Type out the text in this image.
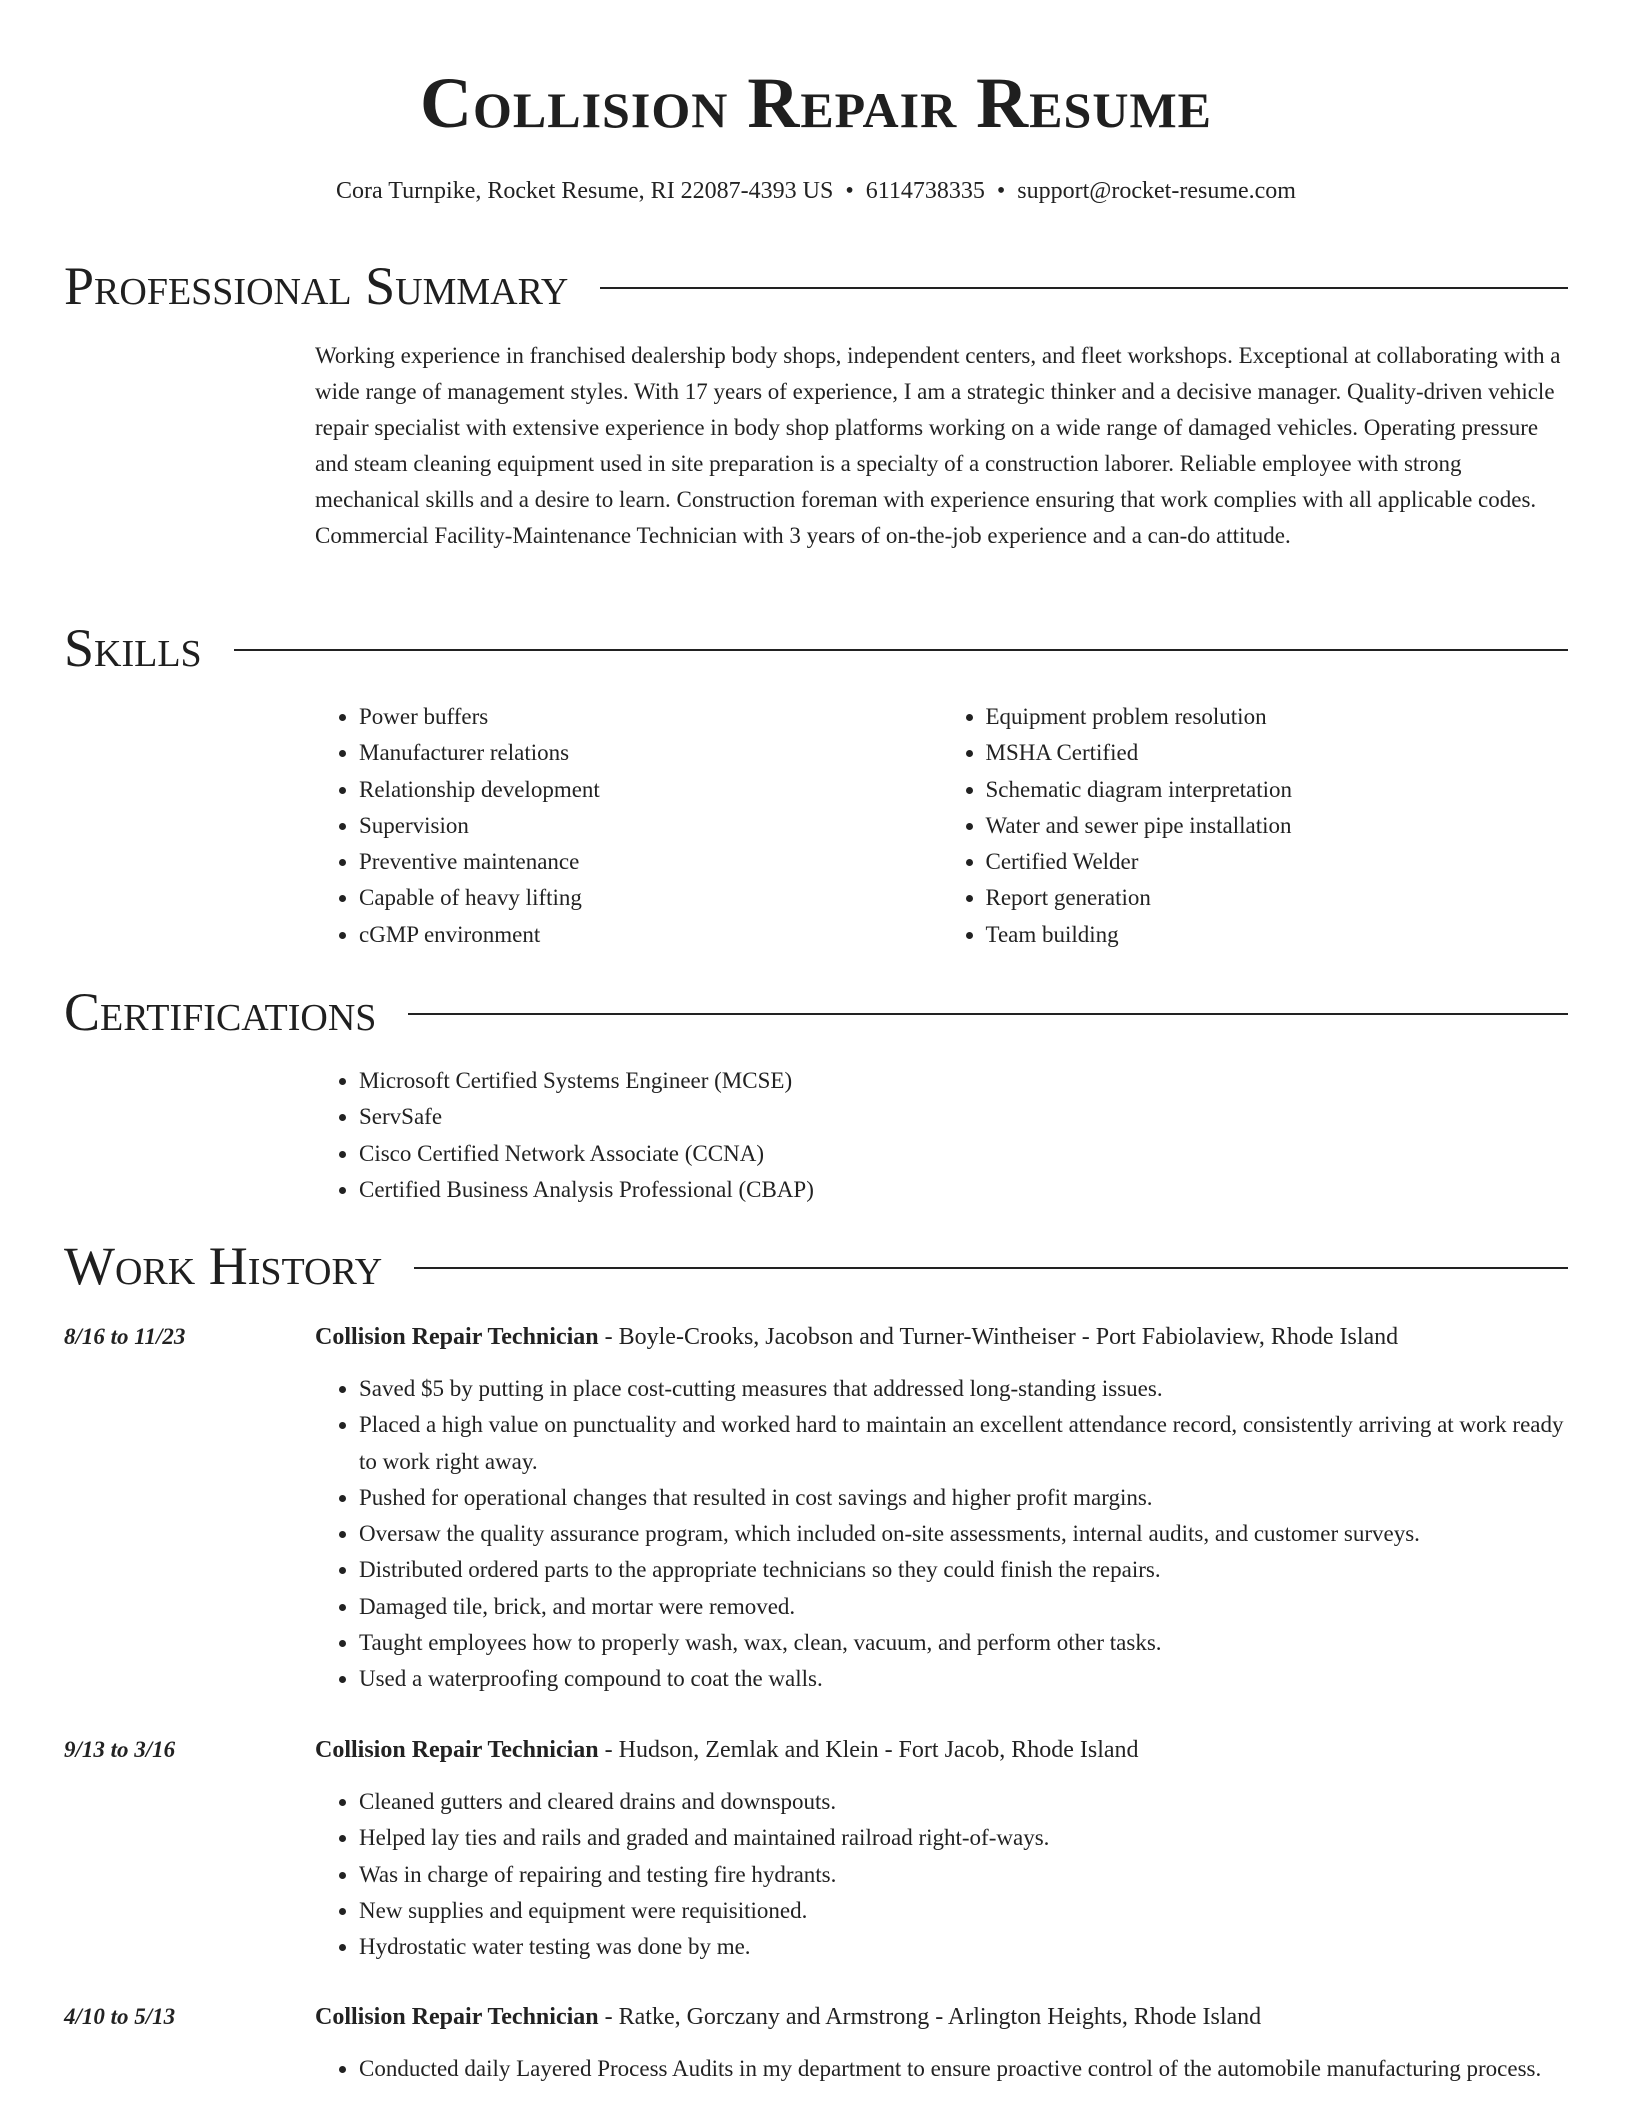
Collision Repair Resume
Cora Turnpike, Rocket Resume, RI 22087-4393 US • 6114738335 • support@rocket-resume.com
Professional Summary

Working experience in franchised dealership body shops, independent centers, and fleet workshops. Exceptional at collaborating with a wide range of management styles. With 17 years of experience, I am a strategic thinker and a decisive manager. Quality-driven vehicle repair specialist with extensive experience in body shop platforms working on a wide range of damaged vehicles. Operating pressure and steam cleaning equipment used in site preparation is a specialty of a construction laborer. Reliable employee with strong mechanical skills and a desire to learn. Construction foreman with experience ensuring that work complies with all applicable codes. Commercial Facility-Maintenance Technician with 3 years of on-the-job experience and a can-do attitude.

Skills
• Power buffers
• Manufacturer relations
• Relationship development
• Supervision
• Preventive maintenance
• Capable of heavy lifting
• cGMP environment
• Equipment problem resolution
• MSHA Certified
• Schematic diagram interpretation
• Water and sewer pipe installation
• Certified Welder
• Report generation
• Team building
Certifications
• Microsoft Certified Systems Engineer (MCSE)
• ServSafe
• Cisco Certified Network Associate (CCNA)
• Certified Business Analysis Professional (CBAP)
Work History
8/16 to 11/23	Collision Repair Technician - Boyle-Crooks, Jacobson and Turner-Wintheiser - Port Fabiolaview, Rhode Island
• Saved $5 by putting in place cost-cutting measures that addressed long-standing issues.
• Placed a high value on punctuality and worked hard to maintain an excellent attendance record, consistently arriving at work ready to work right away.
• Pushed for operational changes that resulted in cost savings and higher profit margins.
• Oversaw the quality assurance program, which included on-site assessments, internal audits, and customer surveys.
• Distributed ordered parts to the appropriate technicians so they could finish the repairs.
• Damaged tile, brick, and mortar were removed.
• Taught employees how to properly wash, wax, clean, vacuum, and perform other tasks.
• Used a waterproofing compound to coat the walls.
9/13 to 3/16	Collision Repair Technician - Hudson, Zemlak and Klein - Fort Jacob, Rhode Island
• Cleaned gutters and cleared drains and downspouts.
• Helped lay ties and rails and graded and maintained railroad right-of-ways.
• Was in charge of repairing and testing fire hydrants.
• New supplies and equipment were requisitioned.
• Hydrostatic water testing was done by me.
4/10 to 5/13	Collision Repair Technician - Ratke, Gorczany and Armstrong - Arlington Heights, Rhode Island
• Conducted daily Layered Process Audits in my department to ensure proactive control of the automobile manufacturing process.
